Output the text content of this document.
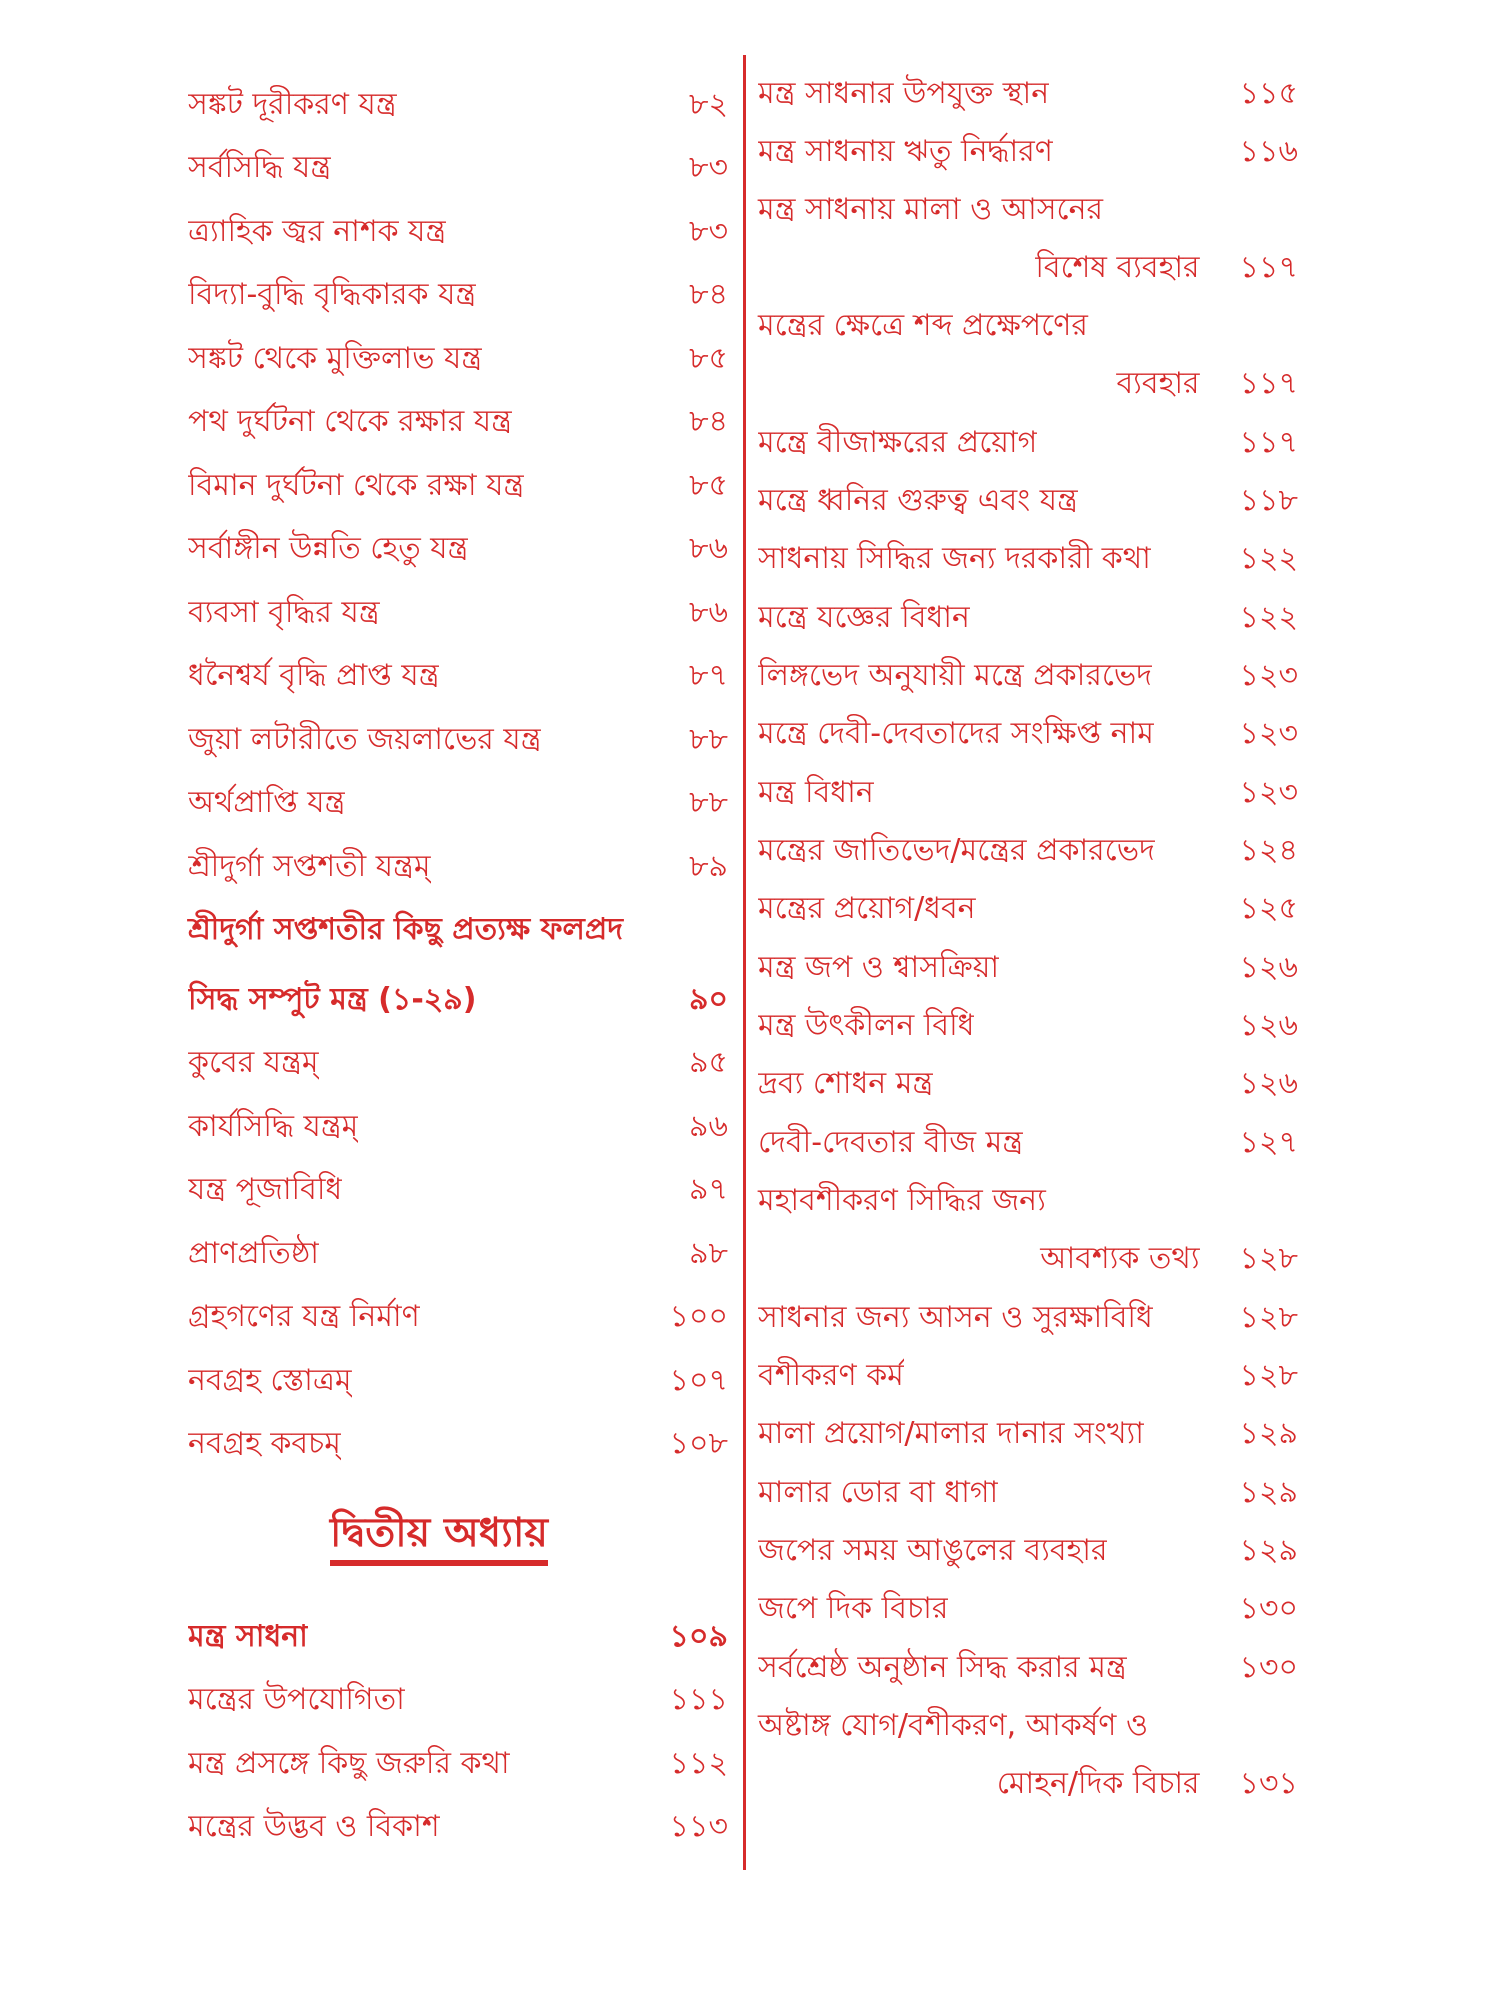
সঙ্কট দূরীকরণ যন্ত্র	৮২
সর্বসিদ্ধি যন্ত্র	৮৩
ত্র্যাহিক জ্বর নাশক যন্ত্র	৮৩
বিদ্যা-বুদ্ধি বৃদ্ধিকারক যন্ত্র	৮৪
সঙ্কট থেকে মুক্তিলাভ যন্ত্র	৮৫
পথ দুর্ঘটনা থেকে রক্ষার যন্ত্র	৮৪
বিমান দুর্ঘটনা থেকে রক্ষা যন্ত্র	৮৫
সর্বাঙ্গীন উন্নতি হেতু যন্ত্র	৮৬
ব্যবসা বৃদ্ধির যন্ত্র	৮৬
ধনৈশ্বর্য বৃদ্ধি প্রাপ্ত যন্ত্র	৮৭
জুয়া লটারীতে জয়লাভের যন্ত্র	৮৮
অর্থপ্রাপ্তি যন্ত্র	৮৮
শ্রীদুর্গা সপ্তশতী যন্ত্রম্	৮৯
শ্রীদুর্গা সপ্তশতীর কিছু প্রত্যক্ষ ফলপ্রদ
সিদ্ধ সম্পুট মন্ত্র (১-২৯)	৯০
কুবের যন্ত্রম্	৯৫
কার্যসিদ্ধি যন্ত্রম্	৯৬
যন্ত্র পূজাবিধি	৯৭
প্রাণপ্রতিষ্ঠা	৯৮
গ্রহগণের যন্ত্র নির্মাণ	১০০
নবগ্রহ স্তোত্রম্	১০৭
নবগ্রহ কবচম্	১০৮
মন্ত্র সাধনা	১০৯
মন্ত্রের উপযোগিতা	১১১
মন্ত্র প্রসঙ্গে কিছু জরুরি কথা	১১২
মন্ত্রের উদ্ভব ও বিকাশ	১১৩
দ্বিতীয় অধ্যায়
মন্ত্র সাধনার উপযুক্ত স্থান	১১৫
মন্ত্র সাধনায় ঋতু নির্দ্ধারণ	১১৬
মন্ত্র সাধনায় মালা ও আসনের
বিশেষ ব্যবহার ১১৭
মন্ত্রের ক্ষেত্রে শব্দ প্রক্ষেপণের
ব্যবহার ১১৭
মন্ত্রে বীজাক্ষরের প্রয়োগ	১১৭
মন্ত্রে ধ্বনির গুরুত্ব এবং যন্ত্র	১১৮
সাধনায় সিদ্ধির জন্য দরকারী কথা	১২২
মন্ত্রে যজ্ঞের বিধান	১২২
লিঙ্গভেদ অনুযায়ী মন্ত্রে প্রকারভেদ	১২৩
মন্ত্রে দেবী-দেবতাদের সংক্ষিপ্ত নাম	১২৩
মন্ত্র বিধান	১২৩
মন্ত্রের জাতিভেদ/মন্ত্রের প্রকারভেদ	১২৪
মন্ত্রের প্রয়োগ/ধবন	১২৫
মন্ত্র জপ ও শ্বাসক্রিয়া	১২৬
মন্ত্র উৎকীলন বিধি	১২৬
দ্রব্য শোধন মন্ত্র	১২৬
দেবী-দেবতার বীজ মন্ত্র	১২৭
মহাবশীকরণ সিদ্ধির জন্য
আবশ্যক তথ্য ১২৮
সাধনার জন্য আসন ও সুরক্ষাবিধি	১২৮
বশীকরণ কর্ম	১২৮
মালা প্রয়োগ/মালার দানার সংখ্যা	১২৯
মালার ডোর বা ধাগা	১২৯
জপের সময় আঙুলের ব্যবহার	১২৯
জপে দিক বিচার	১৩০
সর্বশ্রেষ্ঠ অনুষ্ঠান সিদ্ধ করার মন্ত্র	১৩০
অষ্টাঙ্গ যোগ/বশীকরণ, আকর্ষণ ও
মোহন/দিক বিচার ১৩১
